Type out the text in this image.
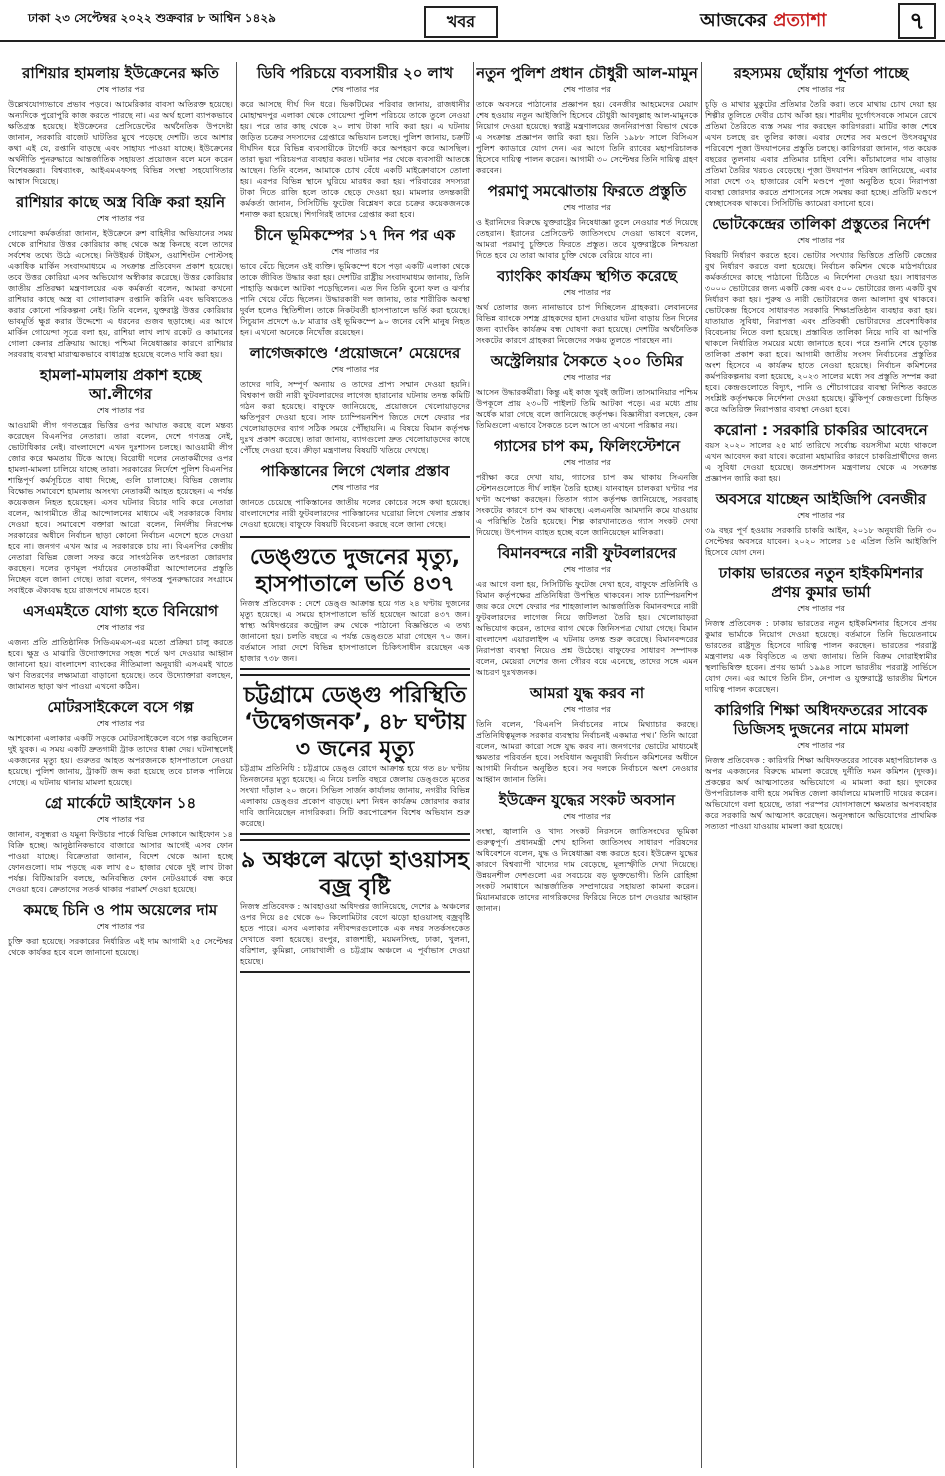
ঢাকা ২৩ সেপ্টেম্বর ২০২২ শুক্রবার ৮ আশ্বিন ১৪২৯	খবর	আজকের প্রত্যাশা	৭
রাশিয়ার হামলায় ইউক্রেনের ক্ষতি
শেষ পাতার পর

উল্লেখযোগ্যভাবে প্রভাব পড়বে। আমেরিকার বাবসা অতিরক্ত হয়েছে। অন্যদিকে পুরোপুরি কাজ করতে পারছে না। এর অর্থ হলো ব্যাপকভাবে ক্ষতিগ্রস্ত হয়েছে। ইউক্রেনের প্রেসিডেন্টের অর্থনৈতিক উপদেষ্টা জানান, সরকারি বাজেট ঘাটতির মুখে পড়েছে দেশটি। তবে আশার কথা এই যে, রপ্তানি বাড়ছে এবং সাহায্য পাওয়া যাচ্ছে। ইউক্রেনের অর্থনীতি পুনরুদ্ধারে আন্তর্জাতিক সহায়তা প্রয়োজন বলে মনে করেন বিশেষজ্ঞরা। বিশ্বব্যাংক, আইএমএফসহ বিভিন্ন সংস্থা সহযোগিতার আশ্বাস দিয়েছে।

রাশিয়ার কাছে অস্ত্র বিক্রি করা হয়নি
শেষ পাতার পর

গোয়েন্দা কর্মকর্তারা জানান, ইউক্রেনে রুশ বাহিনীর অভিযানের সময় থেকে রাশিয়ার উত্তর কোরিয়ার কাছ থেকে অস্ত্র কিনছে বলে তাদের সর্বশেষ তথ্যে উঠে এসেছে। নিউইয়র্ক টাইমস, ওয়াশিংটন পোস্টসহ একাধিক মার্কিন সংবাদমাধ্যমে এ সংক্রান্ত প্রতিবেদন প্রকাশ হয়েছে। তবে উত্তর কোরিয়া এসব অভিযোগ অস্বীকার করেছে। উত্তর কোরিয়ার জাতীয় প্রতিরক্ষা মন্ত্রণালয়ের এক কর্মকর্তা বলেন, আমরা কখনো রাশিয়ার কাছে অস্ত্র বা গোলাবারুদ রপ্তানি করিনি এবং ভবিষ্যতেও করার কোনো পরিকল্পনা নেই। তিনি বলেন, যুক্তরাষ্ট্র উত্তর কোরিয়ার ভাবমূর্তি ক্ষুণ্ণ করার উদ্দেশ্যে এ ধরনের গুজব ছড়াচ্ছে। এর আগে মার্কিন গোয়েন্দা সূত্রে বলা হয়, রাশিয়া লাখ লাখ রকেট ও কামানের গোলা কেনার প্রক্রিয়ায় আছে। পশ্চিমা নিষেধাজ্ঞার কারণে রাশিয়ার সরবরাহ ব্যবস্থা মারাত্মকভাবে বাধাগ্রস্ত হয়েছে বলেও দাবি করা হয়।

হামলা-মামলায় প্রকাশ হচ্ছে আ.লীগের
শেষ পাতার পর

আওয়ামী লীগ গণতন্ত্রের ভিত্তির ওপর আঘাত করছে বলে মন্তব্য করেছেন বিএনপির নেতারা। তারা বলেন, দেশে গণতন্ত্র নেই, ভোটাধিকার নেই। বাংলাদেশে এখন দুঃশাসন চলছে। আওয়ামী লীগ জোর করে ক্ষমতায় টিকে আছে। বিরোধী দলের নেতাকর্মীদের ওপর হামলা-মামলা চালিয়ে যাচ্ছে তারা। সরকারের নির্দেশে পুলিশ বিএনপির শান্তিপূর্ণ কর্মসূচিতে বাধা দিচ্ছে, গুলি চালাচ্ছে। বিভিন্ন জেলায় বিক্ষোভ সমাবেশে হামলায় অসংখ্য নেতাকর্মী আহত হয়েছেন। এ পর্যন্ত কয়েকজন নিহত হয়েছেন। এসব ঘটনার বিচার দাবি করে নেতারা বলেন, আগামীতে তীব্র আন্দোলনের মাধ্যমে এই সরকারকে বিদায় দেওয়া হবে। সমাবেশে বক্তারা আরো বলেন, নির্দলীয় নিরপেক্ষ সরকারের অধীনে নির্বাচন ছাড়া কোনো নির্বাচন এদেশে হতে দেওয়া হবে না। জনগণ এখন আর এ সরকারকে চায় না। বিএনপির কেন্দ্রীয় নেতারা বিভিন্ন জেলা সফর করে সাংগঠনিক তৎপরতা জোরদার করছেন। দলের তৃণমূল পর্যায়ের নেতাকর্মীরা আন্দোলনের প্রস্তুতি নিচ্ছেন বলে জানা গেছে। তারা বলেন, গণতন্ত্র পুনরুদ্ধারের সংগ্রামে সবাইকে ঐক্যবদ্ধ হয়ে রাজপথে নামতে হবে।

এসএমইতে যোগ্য হতে বিনিয়োগ
শেষ পাতার পর

এজন্য প্রতি প্রাতিষ্ঠানিক সিডিএমএস-এর মতো প্রক্রিয়া চালু করতে হবে। ক্ষুদ্র ও মাঝারি উদ্যোক্তাদের সহজ শর্তে ঋণ দেওয়ার আহ্বান জানানো হয়। বাংলাদেশ ব্যাংকের নীতিমালা অনুযায়ী এসএমই খাতে ঋণ বিতরণের লক্ষ্যমাত্রা বাড়ানো হয়েছে। তবে উদ্যোক্তারা বলছেন, জামানত ছাড়া ঋণ পাওয়া এখনো কঠিন।

মোটরসাইকেলে বসে গল্প
শেষ পাতার পর

আশকোনা এলাকার একটি সড়কে মোটরসাইকেলে বসে গল্প করছিলেন দুই যুবক। এ সময় একটি দ্রুতগামী ট্রাক তাদের ধাক্কা দেয়। ঘটনাস্থলেই একজনের মৃত্যু হয়। গুরুতর আহত অপরজনকে হাসপাতালে নেওয়া হয়েছে। পুলিশ জানায়, ট্রাকটি জব্দ করা হয়েছে তবে চালক পালিয়ে গেছে। এ ঘটনায় থানায় মামলা হয়েছে।

গ্রে মার্কেটে আইফোন ১৪
শেষ পাতার পর

জানান, বসুন্ধরা ও যমুনা ফিউচার পার্কে বিভিন্ন দোকানে আইফোন ১৪ বিক্রি হচ্ছে। আনুষ্ঠানিকভাবে বাজারে আসার আগেই এসব ফোন পাওয়া যাচ্ছে। বিক্রেতারা জানান, বিদেশ থেকে আনা হচ্ছে ফোনগুলো। দাম পড়ছে এক লাখ ৫০ হাজার থেকে দুই লাখ টাকা পর্যন্ত। বিটিআরসি বলছে, অনিবন্ধিত ফোন নেটওয়ার্কে বন্ধ করে দেওয়া হবে। ক্রেতাদের সতর্ক থাকার পরামর্শ দেওয়া হয়েছে।

কমছে চিনি ও পাম অয়েলের দাম
শেষ পাতার পর

চুক্তি করা হয়েছে। সরকারের নির্ধারিত এই দাম আগামী ২৫ সেপ্টেম্বর থেকে কার্যকর হবে বলে জানানো হয়েছে।

ডিবি পরিচয়ে ব্যবসায়ীর ২০ লাখ
শেষ পাতার পর

করে আসছে দীর্ঘ দিন ধরে। ভিকটিমের পরিবার জানায়, রাজধানীর মোহাম্মদপুর এলাকা থেকে গোয়েন্দা পুলিশ পরিচয়ে তাকে তুলে নেওয়া হয়। পরে তার কাছ থেকে ২০ লাখ টাকা দাবি করা হয়। এ ঘটনায় জড়িত চক্রের সদস্যদের গ্রেপ্তারে অভিযান চলছে। পুলিশ জানায়, চক্রটি দীর্ঘদিন ধরে বিভিন্ন ব্যবসায়ীকে টার্গেট করে অপহরণ করে আসছিল। তারা ভুয়া পরিচয়পত্র ব্যবহার করত। ঘটনার পর থেকে ব্যবসায়ী আতঙ্কে আছেন। তিনি বলেন, আমাকে চোখ বেঁধে একটি মাইক্রোবাসে তোলা হয়। এরপর বিভিন্ন স্থানে ঘুরিয়ে মারধর করা হয়। পরিবারের সদস্যরা টাকা দিতে রাজি হলে তাকে ছেড়ে দেওয়া হয়। মামলার তদন্তকারী কর্মকর্তা জানান, সিসিটিভি ফুটেজ বিশ্লেষণ করে চক্রের কয়েকজনকে শনাক্ত করা হয়েছে। শিগগিরই তাদের গ্রেপ্তার করা হবে।

চীনে ভূমিকম্পের ১৭ দিন পর এক
শেষ পাতার পর

ভাবে বেঁচে ছিলেন ওই ব্যক্তি। ভূমিকম্পে ধসে পড়া একটি এলাকা থেকে তাকে জীবিত উদ্ধার করা হয়। দেশটির রাষ্ট্রীয় সংবাদমাধ্যম জানায়, তিনি পাহাড়ি অঞ্চলে আটকা পড়েছিলেন। এত দিন তিনি বুনো ফল ও ঝর্ণার পানি খেয়ে বেঁচে ছিলেন। উদ্ধারকারী দল জানায়, তার শারীরিক অবস্থা দুর্বল হলেও স্থিতিশীল। তাকে নিকটবর্তী হাসপাতালে ভর্তি করা হয়েছে। সিচুয়ান প্রদেশে ৬.৮ মাত্রার ওই ভূমিকম্পে ৯০ জনের বেশি মানুষ নিহত হন। এখনো অনেকে নিখোঁজ রয়েছেন।

লাগেজকাণ্ডে ‘প্রয়োজনে’ মেয়েদের
শেষ পাতার পর

তাদের দাবি, সম্পূর্ণ অন্যায় ও তাদের প্রাপ্য সম্মান দেওয়া হয়নি। বিশ্বকাপ জয়ী নারী ফুটবলারদের লাগেজ হারানোর ঘটনায় তদন্ত কমিটি গঠন করা হয়েছে। বাফুফে জানিয়েছে, প্রয়োজনে খেলোয়াড়দের ক্ষতিপূরণ দেওয়া হবে। সাফ চ্যাম্পিয়নশিপ জিতে দেশে ফেরার পর খেলোয়াড়দের ব্যাগ সঠিক সময়ে পৌঁছায়নি। এ বিষয়ে বিমান কর্তৃপক্ষ দুঃখ প্রকাশ করেছে। তারা জানায়, ব্যাগগুলো দ্রুত খেলোয়াড়দের কাছে পৌঁছে দেওয়া হবে। ক্রীড়া মন্ত্রণালয় বিষয়টি খতিয়ে দেখছে।

পাকিস্তানের লিগে খেলার প্রস্তাব
শেষ পাতার পর

জানতে চেয়েছে পাকিস্তানের জাতীয় দলের কোচের সঙ্গে কথা হয়েছে। বাংলাদেশের নারী ফুটবলারদের পাকিস্তানের ঘরোয়া লিগে খেলার প্রস্তাব দেওয়া হয়েছে। বাফুফে বিষয়টি বিবেচনা করছে বলে জানা গেছে।

ডেঙ্গুতে দুজনের মৃত্যু, হাসপাতালে ভর্তি ৪৩৭

নিজস্ব প্রতিবেদক : দেশে ডেঙ্গু আক্রান্ত হয়ে গত ২৪ ঘণ্টায় দুজনের মৃত্যু হয়েছে। এ সময়ে হাসপাতালে ভর্তি হয়েছেন আরো ৪৩৭ জন। স্বাস্থ্য অধিদপ্তরের কন্ট্রোল রুম থেকে পাঠানো বিজ্ঞপ্তিতে এ তথ্য জানানো হয়। চলতি বছরে এ পর্যন্ত ডেঙ্গুতে মারা গেছেন ৭০ জন। বর্তমানে সারা দেশে বিভিন্ন হাসপাতালে চিকিৎসাধীন রয়েছেন এক হাজার ৭৩৮ জন।

চট্টগ্রামে ডেঙ্গু পরিস্থিতি ‘উদ্বেগজনক’, ৪৮ ঘণ্টায় ৩ জনের মৃত্যু

চট্টগ্রাম প্রতিনিধি : চট্টগ্রামে ডেঙ্গু রোগে আক্রান্ত হয়ে গত ৪৮ ঘণ্টায় তিনজনের মৃত্যু হয়েছে। এ নিয়ে চলতি বছরে জেলায় ডেঙ্গুতে মৃতের সংখ্যা দাঁড়াল ২০ জনে। সিভিল সার্জন কার্যালয় জানায়, নগরীর বিভিন্ন এলাকায় ডেঙ্গুর প্রকোপ বাড়ছে। মশা নিধন কার্যক্রম জোরদার করার দাবি জানিয়েছেন নাগরিকরা। সিটি করপোরেশন বিশেষ অভিযান শুরু করেছে।

৯ অঞ্চলে ঝড়ো হাওয়াসহ বজ্র বৃষ্টি

নিজস্ব প্রতিবেদক : আবহাওয়া অধিদপ্তর জানিয়েছে, দেশের ৯ অঞ্চলের ওপর দিয়ে ৪৫ থেকে ৬০ কিলোমিটার বেগে ঝড়ো হাওয়াসহ বজ্রবৃষ্টি হতে পারে। এসব এলাকার নদীবন্দরগুলোকে এক নম্বর সতর্কসংকেত দেখাতে বলা হয়েছে। রংপুর, রাজশাহী, ময়মনসিংহ, ঢাকা, খুলনা, বরিশাল, কুমিল্লা, নোয়াখালী ও চট্টগ্রাম অঞ্চলে এ পূর্বাভাস দেওয়া হয়েছে।

নতুন পুলিশ প্রধান চৌধুরী আল-মামুন
শেষ পাতার পর

তাকে অবসরে পাঠানোর প্রজ্ঞাপন হয়। বেনজীর আহমেদের মেয়াদ শেষ হওয়ায় নতুন আইজিপি হিসেবে চৌধুরী আবদুল্লাহ আল-মামুনকে নিয়োগ দেওয়া হয়েছে। স্বরাষ্ট্র মন্ত্রণালয়ের জননিরাপত্তা বিভাগ থেকে এ সংক্রান্ত প্রজ্ঞাপন জারি করা হয়। তিনি ১৯৮৮ সালে বিসিএস পুলিশ ক্যাডারে যোগ দেন। এর আগে তিনি র‌্যাবের মহাপরিচালক হিসেবে দায়িত্ব পালন করেন। আগামী ৩০ সেপ্টেম্বর তিনি দায়িত্ব গ্রহণ করবেন।

পরমাণু সমঝোতায় ফিরতে প্রস্তুতি
শেষ পাতার পর

ও ইরানিদের বিরুদ্ধে যুক্তরাষ্ট্রের নিষেধাজ্ঞা তুলে নেওয়ার শর্ত দিয়েছে তেহরান। ইরানের প্রেসিডেন্ট জাতিসংঘে দেওয়া ভাষণে বলেন, আমরা পরমাণু চুক্তিতে ফিরতে প্রস্তুত। তবে যুক্তরাষ্ট্রকে নিশ্চয়তা দিতে হবে যে তারা আবার চুক্তি থেকে বেরিয়ে যাবে না।

ব্যাংকিং কার্যক্রম স্থগিত করেছে
শেষ পাতার পর

অর্থ তোলার জন্য নানাভাবে চাপ দিচ্ছিলেন গ্রাহকরা। লেবাননের বিভিন্ন ব্যাংকে সশস্ত্র গ্রাহকদের হানা দেওয়ার ঘটনা বাড়ায় তিন দিনের জন্য ব্যাংকিং কার্যক্রম বন্ধ ঘোষণা করা হয়েছে। দেশটির অর্থনৈতিক সংকটের কারণে গ্রাহকরা নিজেদের সঞ্চয় তুলতে পারছেন না।

অস্ট্রেলিয়ার সৈকতে ২০০ তিমির
শেষ পাতার পর

আসেন উদ্ধারকর্মীরা। কিন্তু এই কাজ খুবই জটিল। তাসমানিয়ার পশ্চিম উপকূলে প্রায় ২৩০টি পাইলট তিমি আটকা পড়ে। এর মধ্যে প্রায় অর্ধেক মারা গেছে বলে জানিয়েছে কর্তৃপক্ষ। বিজ্ঞানীরা বলছেন, কেন তিমিগুলো এভাবে সৈকতে চলে আসে তা এখনো পরিষ্কার নয়।

গ্যাসের চাপ কম, ফিলিংস্টেশনে
শেষ পাতার পর

পরীক্ষা করে দেখা যায়, গ্যাসের চাপ কম থাকায় সিএনজি স্টেশনগুলোতে দীর্ঘ লাইন তৈরি হচ্ছে। যানবাহন চালকরা ঘণ্টার পর ঘণ্টা অপেক্ষা করছেন। তিতাস গ্যাস কর্তৃপক্ষ জানিয়েছে, সরবরাহ সংকটের কারণে চাপ কম থাকছে। এলএনজি আমদানি কমে যাওয়ায় এ পরিস্থিতি তৈরি হয়েছে। শিল্প কারখানাতেও গ্যাস সংকট দেখা দিয়েছে। উৎপাদন ব্যাহত হচ্ছে বলে জানিয়েছেন মালিকরা।

বিমানবন্দরে নারী ফুটবলারদের
শেষ পাতার পর

এর আগে বলা হয়, সিসিটিভি ফুটেজ দেখা হবে, বাফুফে প্রতিনিধি ও বিমান কর্তৃপক্ষের প্রতিনিধিরা উপস্থিত থাকবেন। সাফ চ্যাম্পিয়নশিপ জয় করে দেশে ফেরার পর শাহজালাল আন্তর্জাতিক বিমানবন্দরে নারী ফুটবলারদের লাগেজ নিয়ে জটিলতা তৈরি হয়। খেলোয়াড়রা অভিযোগ করেন, তাদের ব্যাগ থেকে জিনিসপত্র খোয়া গেছে। বিমান বাংলাদেশ এয়ারলাইন্স এ ঘটনায় তদন্ত শুরু করেছে। বিমানবন্দরের নিরাপত্তা ব্যবস্থা নিয়েও প্রশ্ন উঠেছে। বাফুফের সাধারণ সম্পাদক বলেন, মেয়েরা দেশের জন্য গৌরব বয়ে এনেছে, তাদের সঙ্গে এমন আচরণ দুঃখজনক।

আমরা যুদ্ধ করব না
শেষ পাতার পর

তিনি বলেন, ‘বিএনপি নির্বাচনের নামে মিথ্যাচার করছে। প্রতিনিধিত্বমূলক সরকার ব্যবস্থায় নির্বাচনই একমাত্র পথ।’ তিনি আরো বলেন, আমরা কারো সঙ্গে যুদ্ধ করব না। জনগণের ভোটের মাধ্যমেই ক্ষমতার পরিবর্তন হবে। সংবিধান অনুযায়ী নির্বাচন কমিশনের অধীনে আগামী নির্বাচন অনুষ্ঠিত হবে। সব দলকে নির্বাচনে অংশ নেওয়ার আহ্বান জানান তিনি।

ইউক্রেন যুদ্ধের সংকট অবসান
শেষ পাতার পর

সংস্থা, জ্বালানি ও খাদ্য সংকট নিরসনে জাতিসংঘের ভূমিকা গুরুত্বপূর্ণ। প্রধানমন্ত্রী শেখ হাসিনা জাতিসংঘ সাধারণ পরিষদের অধিবেশনে বলেন, যুদ্ধ ও নিষেধাজ্ঞা বন্ধ করতে হবে। ইউক্রেন যুদ্ধের কারণে বিশ্বব্যাপী খাদ্যের দাম বেড়েছে, মূল্যস্ফীতি দেখা দিয়েছে। উন্নয়নশীল দেশগুলো এর সবচেয়ে বড় ভুক্তভোগী। তিনি রোহিঙ্গা সংকট সমাধানে আন্তর্জাতিক সম্প্রদায়ের সহায়তা কামনা করেন। মিয়ানমারকে তাদের নাগরিকদের ফিরিয়ে নিতে চাপ দেওয়ার আহ্বান জানান।

রহস্যময় ছোঁয়ায় পূর্ণতা পাচ্ছে
শেষ পাতার পর

চূড়ি ও মাথার মুকুটের প্রতিমার তৈরি করা। তবে মাথায় চোখ দেয়া হয় শিল্পীর তুলিতে দেবীর চোখ আঁকা হয়। শারদীয় দুর্গোৎসবকে সামনে রেখে প্রতিমা তৈরিতে ব্যস্ত সময় পার করছেন কারিগররা। মাটির কাজ শেষে এখন চলছে রং তুলির কাজ। এবার দেশের সব মণ্ডপে উৎসবমুখর পরিবেশে পূজা উদযাপনের প্রস্তুতি চলছে। কারিগররা জানান, গত কয়েক বছরের তুলনায় এবার প্রতিমার চাহিদা বেশি। কাঁচামালের দাম বাড়ায় প্রতিমা তৈরির খরচও বেড়েছে। পূজা উদযাপন পরিষদ জানিয়েছে, এবার সারা দেশে ৩২ হাজারের বেশি মণ্ডপে পূজা অনুষ্ঠিত হবে। নিরাপত্তা ব্যবস্থা জোরদার করতে প্রশাসনের সঙ্গে সমন্বয় করা হচ্ছে। প্রতিটি মণ্ডপে স্বেচ্ছাসেবক থাকবে। সিসিটিভি ক্যামেরা বসানো হবে।

ভোটকেন্দ্রের তালিকা প্রস্তুতের নির্দেশ
শেষ পাতার পর

বিষয়টি নির্ধারণ করতে হবে। ভোটার সংখ্যার ভিত্তিতে প্রতিটি কেন্দ্রের বুথ নির্ধারণ করতে বলা হয়েছে। নির্বাচন কমিশন থেকে মাঠপর্যায়ের কর্মকর্তাদের কাছে পাঠানো চিঠিতে এ নির্দেশনা দেওয়া হয়। সাধারণত ৩০০০ ভোটারের জন্য একটি কেন্দ্র এবং ৫০০ ভোটারের জন্য একটি বুথ নির্ধারণ করা হয়। পুরুষ ও নারী ভোটারদের জন্য আলাদা বুথ থাকবে। ভোটকেন্দ্র হিসেবে সাধারণত সরকারি শিক্ষাপ্রতিষ্ঠান ব্যবহার করা হয়। যাতায়াত সুবিধা, নিরাপত্তা এবং প্রতিবন্ধী ভোটারদের প্রবেশাধিকার বিবেচনায় নিতে বলা হয়েছে। প্রস্তাবিত তালিকা নিয়ে দাবি বা আপত্তি থাকলে নির্ধারিত সময়ের মধ্যে জানাতে হবে। পরে শুনানি শেষে চূড়ান্ত তালিকা প্রকাশ করা হবে। আগামী জাতীয় সংসদ নির্বাচনের প্রস্তুতির অংশ হিসেবে এ কার্যক্রম হাতে নেওয়া হয়েছে। নির্বাচন কমিশনের কর্মপরিকল্পনায় বলা হয়েছে, ২০২৩ সালের মধ্যে সব প্রস্তুতি সম্পন্ন করা হবে। কেন্দ্রগুলোতে বিদ্যুৎ, পানি ও শৌচাগারের ব্যবস্থা নিশ্চিত করতে সংশ্লিষ্ট কর্তৃপক্ষকে নির্দেশনা দেওয়া হয়েছে। ঝুঁকিপূর্ণ কেন্দ্রগুলো চিহ্নিত করে অতিরিক্ত নিরাপত্তার ব্যবস্থা নেওয়া হবে।

করোনা : সরকারি চাকরির আবেদনে

বয়স ২০২০ সালের ২৫ মার্চ তারিখে সর্বোচ্চ বয়সসীমা মধ্যে থাকলে এখন আবেদন করা যাবে। করোনা মহামারির কারণে চাকরিপ্রার্থীদের জন্য এ সুবিধা দেওয়া হয়েছে। জনপ্রশাসন মন্ত্রণালয় থেকে এ সংক্রান্ত প্রজ্ঞাপন জারি করা হয়।

অবসরে যাচ্ছেন আইজিপি বেনজীর
শেষ পাতার পর

৩৯ বছর পূর্ণ হওয়ায় সরকারি চাকরি আইন, ২০১৮ অনুযায়ী তিনি ৩০ সেপ্টেম্বর অবসরে যাবেন। ২০২০ সালের ১৫ এপ্রিল তিনি আইজিপি হিসেবে যোগ দেন।

ঢাকায় ভারতের নতুন হাইকমিশনার প্রণয় কুমার ভার্মা
শেষ পাতার পর

নিজস্ব প্রতিবেদক : ঢাকায় ভারতের নতুন হাইকমিশনার হিসেবে প্রণয় কুমার ভার্মাকে নিয়োগ দেওয়া হয়েছে। বর্তমানে তিনি ভিয়েতনামে ভারতের রাষ্ট্রদূত হিসেবে দায়িত্ব পালন করছেন। ভারতের পররাষ্ট্র মন্ত্রণালয় এক বিবৃতিতে এ তথ্য জানায়। তিনি বিক্রম দোরাইস্বামীর স্থলাভিষিক্ত হবেন। প্রণয় ভার্মা ১৯৯৪ সালে ভারতীয় পররাষ্ট্র সার্ভিসে যোগ দেন। এর আগে তিনি চীন, নেপাল ও যুক্তরাষ্ট্রে ভারতীয় মিশনে দায়িত্ব পালন করেছেন।

কারিগরি শিক্ষা অধিদফতরের সাবেক ডিজিসহ দুজনের নামে মামলা
শেষ পাতার পর

নিজস্ব প্রতিবেদক : কারিগরি শিক্ষা অধিদফতরের সাবেক মহাপরিচালক ও অপর একজনের বিরুদ্ধে মামলা করেছে দুর্নীতি দমন কমিশন (দুদক)। প্রকল্পের অর্থ আত্মসাতের অভিযোগে এ মামলা করা হয়। দুদকের উপপরিচালক বাদী হয়ে সমন্বিত জেলা কার্যালয়ে মামলাটি দায়ের করেন। অভিযোগে বলা হয়েছে, তারা পরস্পর যোগসাজশে ক্ষমতার অপব্যবহার করে সরকারি অর্থ আত্মসাৎ করেছেন। অনুসন্ধানে অভিযোগের প্রাথমিক সত্যতা পাওয়া যাওয়ায় মামলা করা হয়েছে।
